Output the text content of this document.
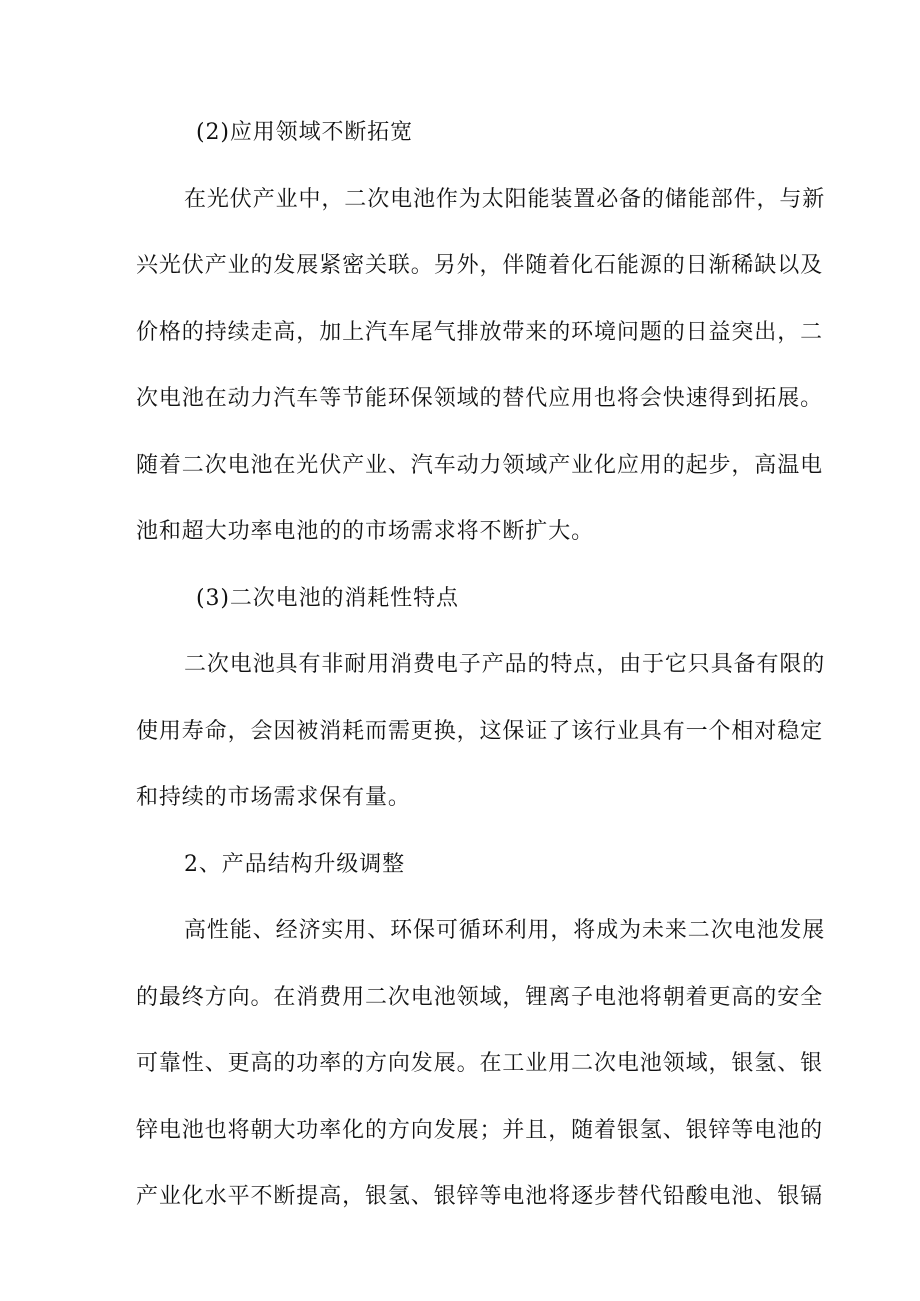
(2)应用领域不断拓宽
在光伏产业中，二次电池作为太阳能装置必备的储能部件，与新
兴光伏产业的发展紧密关联。另外，伴随着化石能源的日渐稀缺以及
价格的持续走高，加上汽车尾气排放带来的环境问题的日益突出，二
次电池在动力汽车等节能环保领域的替代应用也将会快速得到拓展。
随着二次电池在光伏产业、汽车动力领域产业化应用的起步，高温电
池和超大功率电池的的市场需求将不断扩大。
(3)二次电池的消耗性特点
二次电池具有非耐用消费电子产品的特点，由于它只具备有限的
使用寿命，会因被消耗而需更换，这保证了该行业具有一个相对稳定
和持续的市场需求保有量。
2、产品结构升级调整
高性能、经济实用、环保可循环利用，将成为未来二次电池发展
的最终方向。在消费用二次电池领域，锂离子电池将朝着更高的安全
可靠性、更高的功率的方向发展。在工业用二次电池领域，银氢、银
锌电池也将朝大功率化的方向发展；并且，随着银氢、银锌等电池的
产业化水平不断提高，银氢、银锌等电池将逐步替代铅酸电池、银镉
